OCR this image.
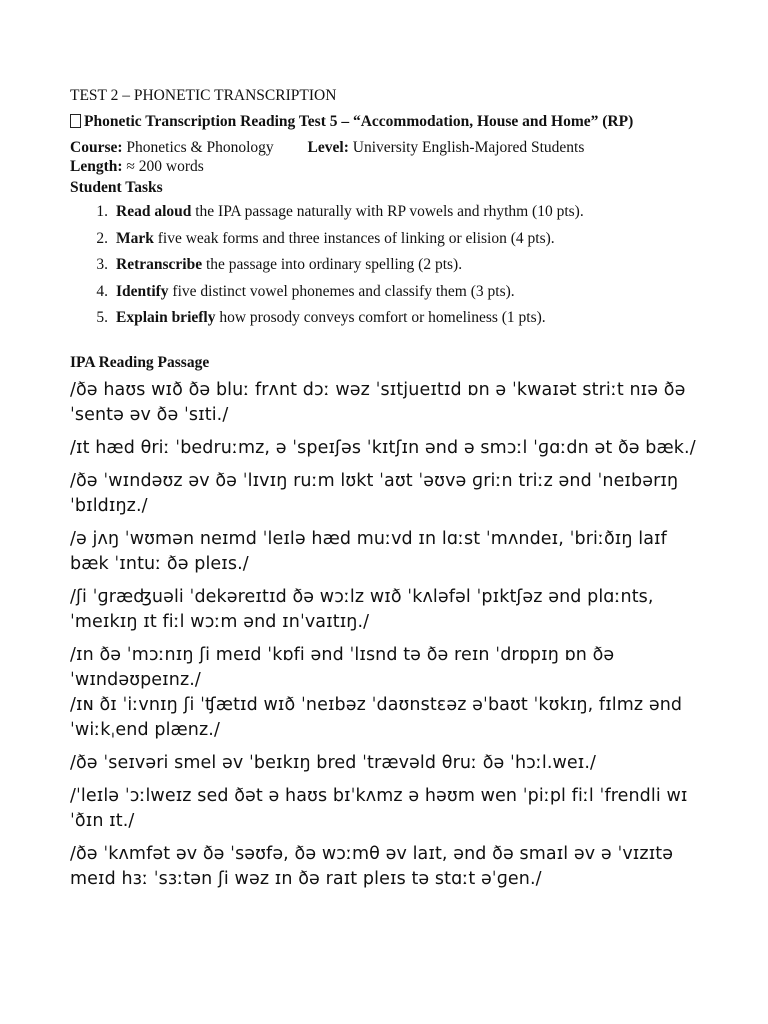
TEST 2 – PHONETIC TRANSCRIPTION
Phonetic Transcription Reading Test 5 – “Accommodation, House and Home” (RP)
Course: Phonetics & Phonology Level: University English-Majored Students
Length: ≈ 200 words
Student Tasks
1. Read aloud the IPA passage naturally with RP vowels and rhythm (10 pts).
2. Mark five weak forms and three instances of linking or elision (4 pts).
3. Retranscribe the passage into ordinary spelling (2 pts).
4. Identify five distinct vowel phonemes and classify them (3 pts).
5. Explain briefly how prosody conveys comfort or homeliness (1 pts).
IPA Reading Passage
/ðə haʊs wɪð ðə bluː frʌnt dɔː wəz ˈsɪtjueɪtɪd ɒn ə ˈkwaɪət striːt nɪə ðə ˈsentə əv ðə ˈsɪti./
/ɪt hæd θriː ˈbedruːmz, ə ˈspeɪʃəs ˈkɪtʃɪn ənd ə smɔːl ˈɡɑːdn ət ðə bæk./
/ðə ˈwɪndəʊz əv ðə ˈlɪvɪŋ ruːm lʊkt ˈaʊt ˈəʊvə ɡriːn triːz ənd ˈneɪbərɪŋ ˈbɪldɪŋz./
/ə jʌŋ ˈwʊmən neɪmd ˈleɪlə hæd muːvd ɪn lɑːst ˈmʌndeɪ, ˈbriːðɪŋ laɪf bæk ˈɪntuː ðə pleɪs./
/ʃi ˈɡræʤuəli ˈdekəreɪtɪd ðə wɔːlz wɪð ˈkʌləfəl ˈpɪktʃəz ənd plɑːnts, ˈmeɪkɪŋ ɪt fiːl wɔːm ənd ɪnˈvaɪtɪŋ./
/ɪn ðə ˈmɔːnɪŋ ʃi meɪd ˈkɒfi ənd ˈlɪsnd tə ðə reɪn ˈdrɒpɪŋ ɒn ðə ˈwɪndəʊpeɪnz./
/ɪɴ ðɪ ˈiːvnɪŋ ʃi ˈʧætɪd wɪð ˈneɪbəz ˈdaʊnstɛəz əˈbaʊt ˈkʊkɪŋ, fɪlmz ənd ˈwiːkˌend plænz./
/ðə ˈseɪvəri smel əv ˈbeɪkɪŋ bred ˈtrævəld θruː ðə ˈhɔːl.weɪ./
/ˈleɪlə ˈɔːlweɪz sed ðət ə haʊs bɪˈkʌmz ə həʊm wen ˈpiːpl fiːl ˈfrendli wɪ ˈðɪn ɪt./
/ðə ˈkʌmfət əv ðə ˈsəʊfə, ðə wɔːmθ əv laɪt, ənd ðə smaɪl əv ə ˈvɪzɪtə meɪd hɜː ˈsɜːtən ʃi wəz ɪn ðə raɪt pleɪs tə stɑːt əˈɡen./
